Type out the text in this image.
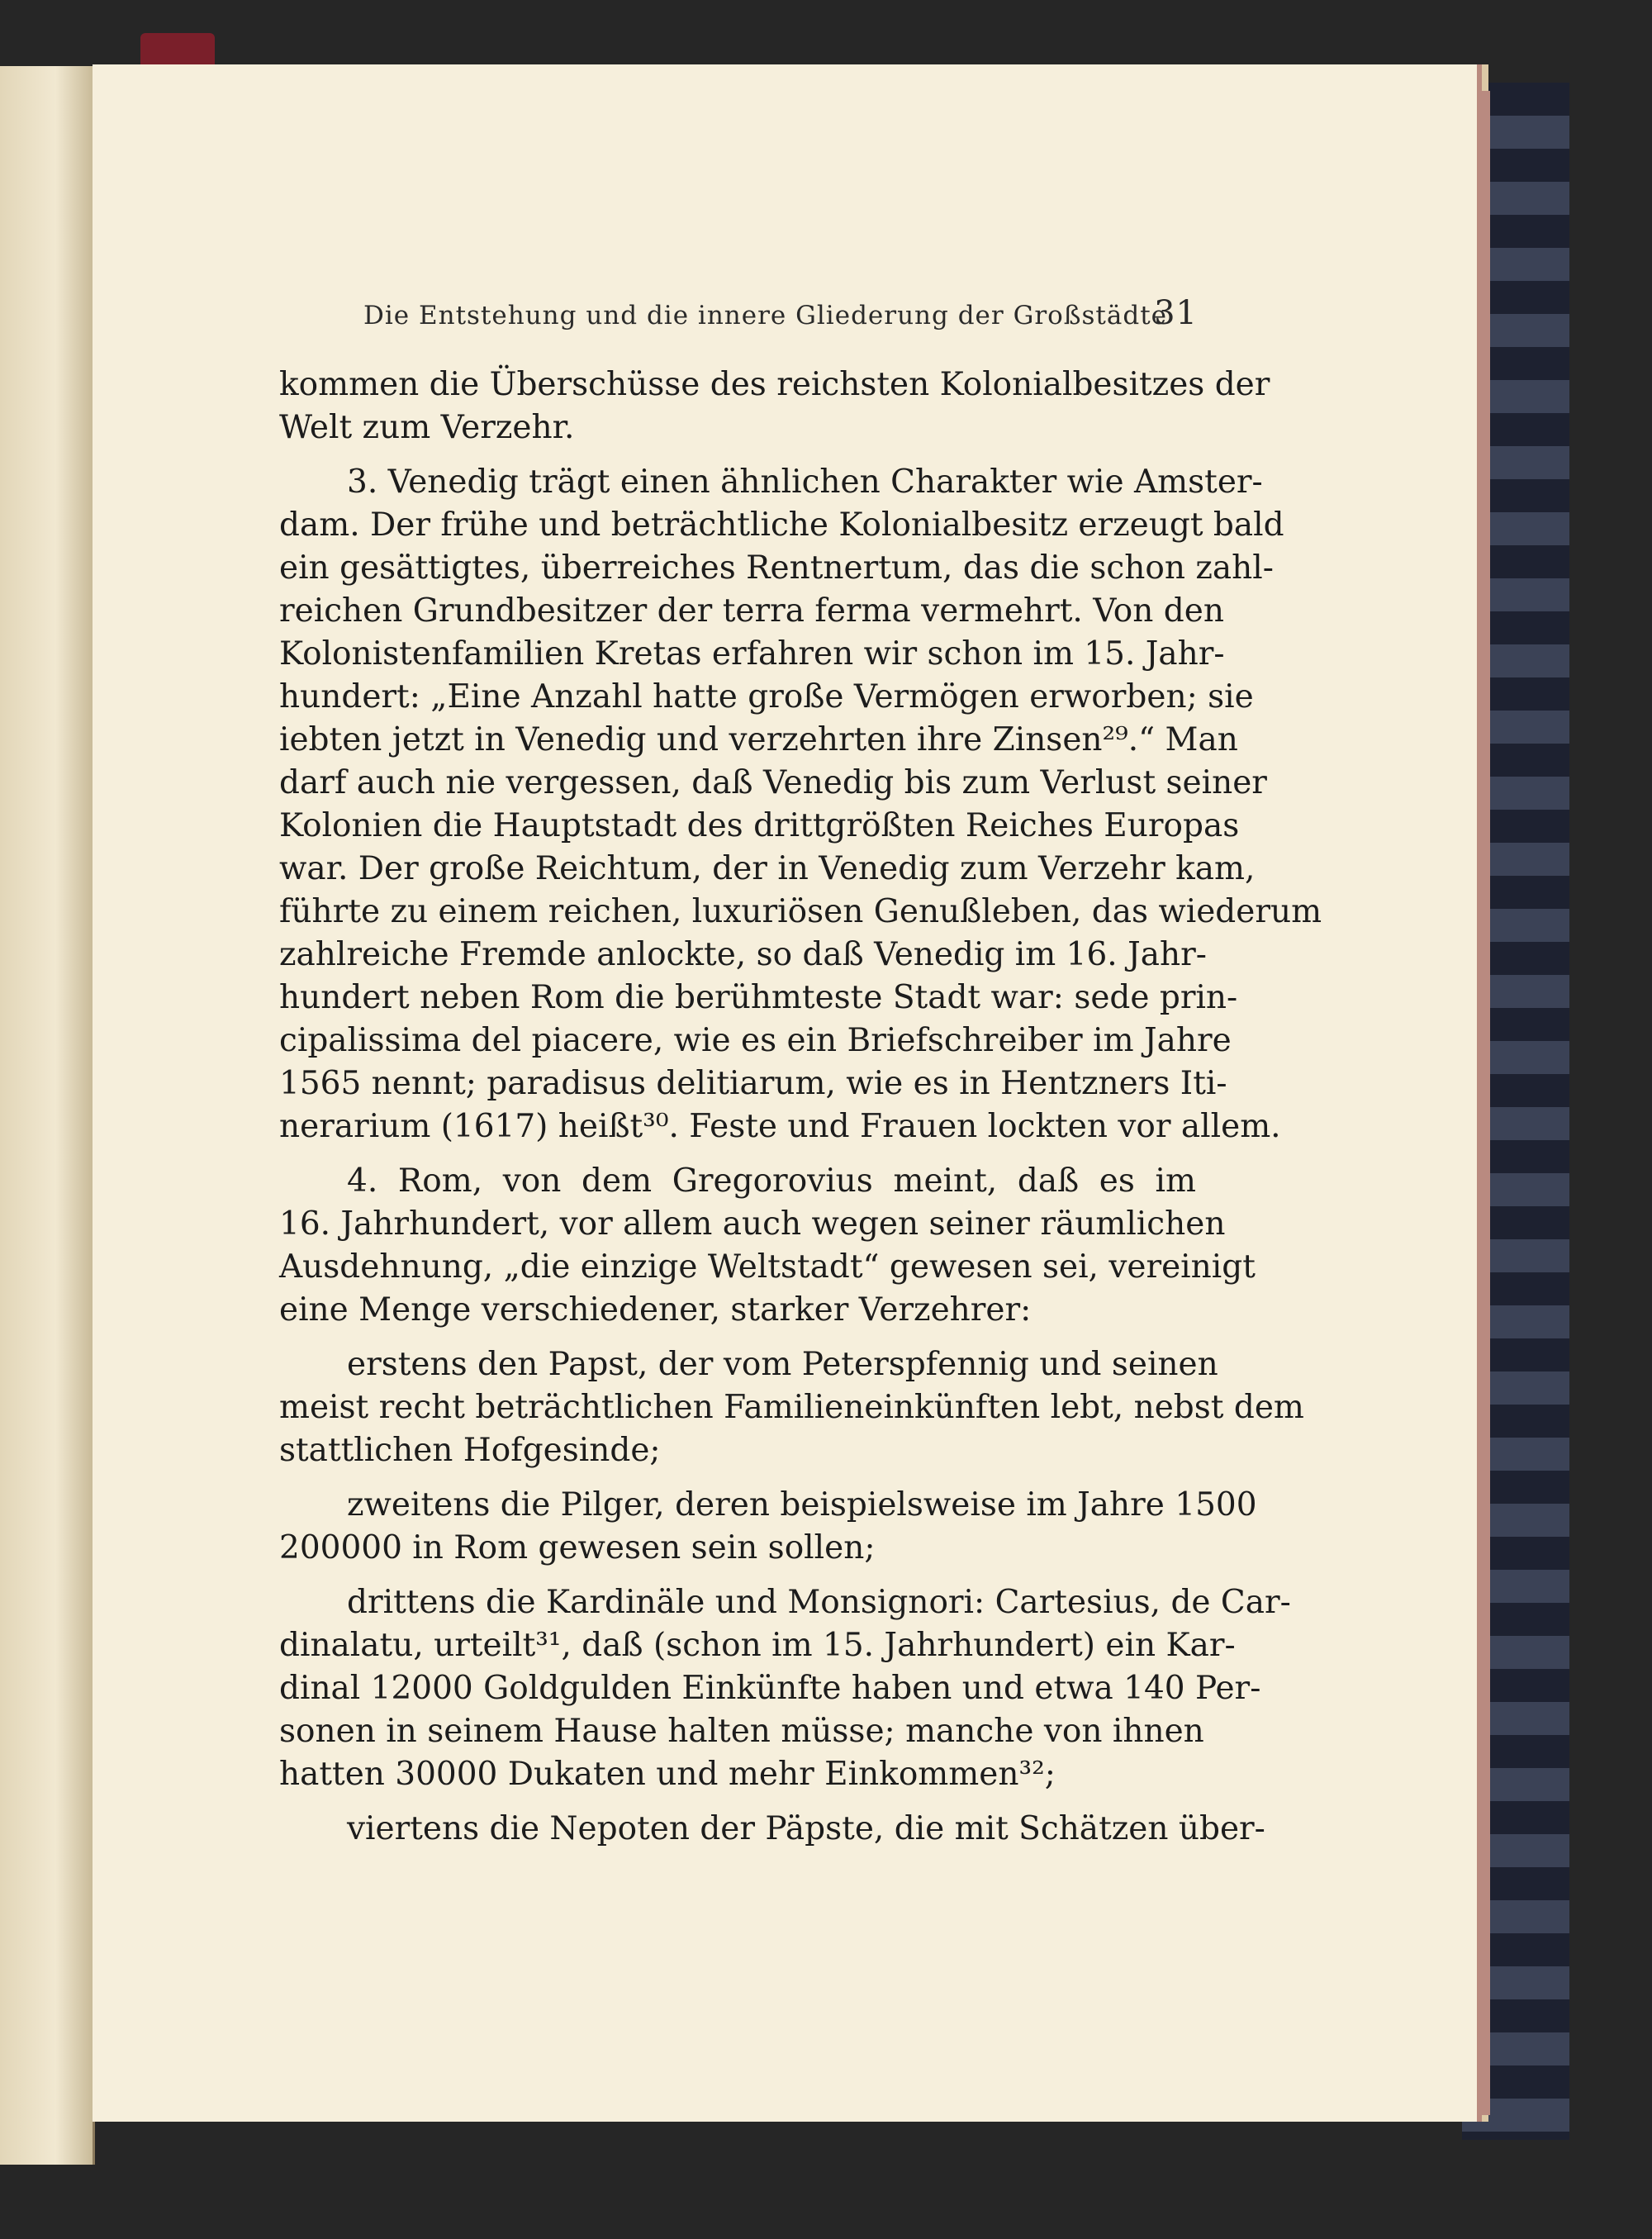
Die Entstehung und die innere Gliederung der Großstädte
31
kommen die Überschüsse des reichsten Kolonialbesitzes der
Welt zum Verzehr.
3. Venedig trägt einen ähnlichen Charakter wie Amster-
dam. Der frühe und beträchtliche Kolonialbesitz erzeugt bald
ein gesättigtes, überreiches Rentnertum, das die schon zahl-
reichen Grundbesitzer der terra ferma vermehrt. Von den
Kolonistenfamilien Kretas erfahren wir schon im 15. Jahr-
hundert: „Eine Anzahl hatte große Vermögen erworben; sie
iebten jetzt in Venedig und verzehrten ihre Zinsen²⁹.“ Man
darf auch nie vergessen, daß Venedig bis zum Verlust seiner
Kolonien die Hauptstadt des drittgrößten Reiches Europas
war. Der große Reichtum, der in Venedig zum Verzehr kam,
führte zu einem reichen, luxuriösen Genußleben, das wiederum
zahlreiche Fremde anlockte, so daß Venedig im 16. Jahr-
hundert neben Rom die berühmteste Stadt war: sede prin-
cipalissima del piacere, wie es ein Briefschreiber im Jahre
1565 nennt; paradisus delitiarum, wie es in Hentzners Iti-
nerarium (1617) heißt³⁰. Feste und Frauen lockten vor allem.
4. Rom, von dem Gregorovius meint, daß es im
16. Jahrhundert, vor allem auch wegen seiner räumlichen
Ausdehnung, „die einzige Weltstadt“ gewesen sei, vereinigt
eine Menge verschiedener, starker Verzehrer:
erstens den Papst, der vom Peterspfennig und seinen
meist recht beträchtlichen Familieneinkünften lebt, nebst dem
stattlichen Hofgesinde;
zweitens die Pilger, deren beispielsweise im Jahre 1500
200000 in Rom gewesen sein sollen;
drittens die Kardinäle und Monsignori: Cartesius, de Car-
dinalatu, urteilt³¹, daß (schon im 15. Jahrhundert) ein Kar-
dinal 12000 Goldgulden Einkünfte haben und etwa 140 Per-
sonen in seinem Hause halten müsse; manche von ihnen
hatten 30000 Dukaten und mehr Einkommen³²;
viertens die Nepoten der Päpste, die mit Schätzen über-
